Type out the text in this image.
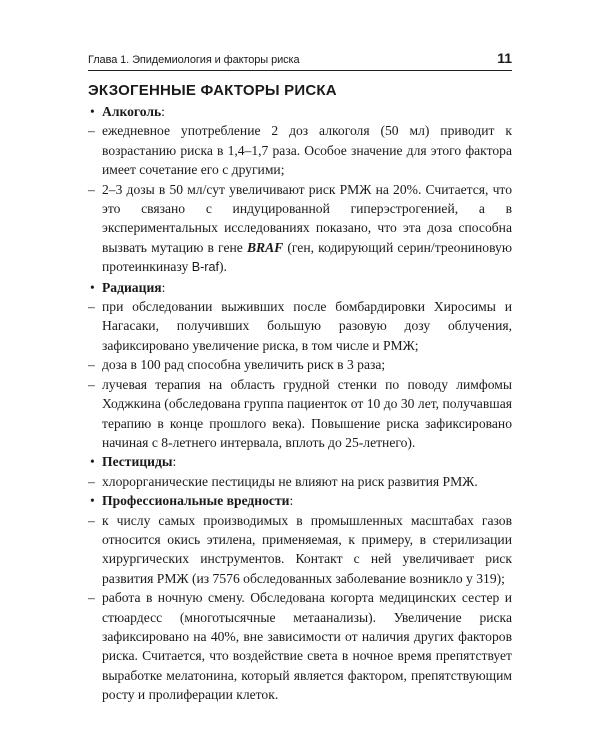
Глава 1. Эпидемиология и факторы риска	11
ЭКЗОГЕННЫЕ ФАКТОРЫ РИСКА
• Алкоголь:
– ежедневное употребление 2 доз алкоголя (50 мл) приводит к возрастанию риска в 1,4–1,7 раза. Особое значение для этого фактора имеет сочетание его с другими;
– 2–3 дозы в 50 мл/сут увеличивают риск РМЖ на 20%. Считается, что это связано с индуцированной гиперэстрогенией, а в экспериментальных исследованиях показано, что эта доза способна вызвать мутацию в гене BRAF (ген, кодирующий серин/треониновую протеинкиназу B-raf).
• Радиация:
– при обследовании выживших после бомбардировки Хиросимы и Нагасаки, получивших большую разовую дозу облучения, зафиксировано увеличение риска, в том числе и РМЖ;
– доза в 100 рад способна увеличить риск в 3 раза;
– лучевая терапия на область грудной стенки по поводу лимфомы Ходжкина (обследована группа пациенток от 10 до 30 лет, получавшая терапию в конце прошлого века). Повышение риска зафиксировано начиная с 8-летнего интервала, вплоть до 25-летнего).
• Пестициды:
– хлорорганические пестициды не влияют на риск развития РМЖ.
• Профессиональные вредности:
– к числу самых производимых в промышленных масштабах газов относится окись этилена, применяемая, к примеру, в стерилизации хирургических инструментов. Контакт с ней увеличивает риск развития РМЖ (из 7576 обследованных заболевание возникло у 319);
– работа в ночную смену. Обследована когорта медицинских сестер и стюардесс (многотысячные метаанализы). Увеличение риска зафиксировано на 40%, вне зависимости от наличия других факторов риска. Считается, что воздействие света в ночное время препятствует выработке мелатонина, который является фактором, препятствующим росту и пролиферации клеток.
